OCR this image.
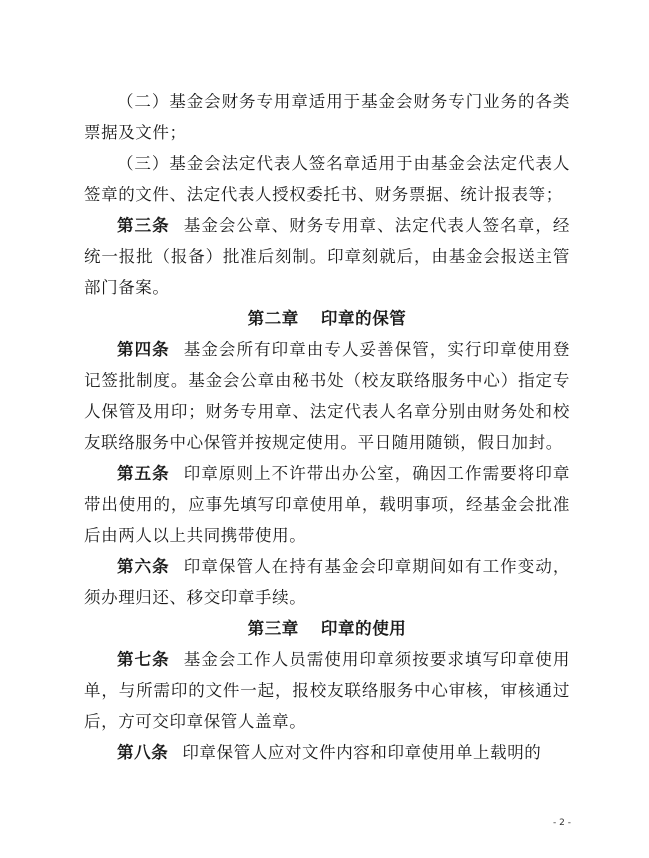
（二）基金会财务专用章适用于基金会财务专门业务的各类票据及文件；

（三）基金会法定代表人签名章适用于由基金会法定代表人签章的文件、法定代表人授权委托书、财务票据、统计报表等；

第三条 基金会公章、财务专用章、法定代表人签名章，经统一报批（报备）批准后刻制。印章刻就后，由基金会报送主管部门备案。

第二章 印章的保管

第四条 基金会所有印章由专人妥善保管，实行印章使用登记签批制度。基金会公章由秘书处（校友联络服务中心）指定专人保管及用印；财务专用章、法定代表人名章分别由财务处和校友联络服务中心保管并按规定使用。平日随用随锁，假日加封。

第五条 印章原则上不许带出办公室，确因工作需要将印章带出使用的，应事先填写印章使用单，载明事项，经基金会批准后由两人以上共同携带使用。

第六条 印章保管人在持有基金会印章期间如有工作变动，须办理归还、移交印章手续。

第三章 印章的使用

第七条 基金会工作人员需使用印章须按要求填写印章使用单，与所需印的文件一起，报校友联络服务中心审核，审核通过后，方可交印章保管人盖章。

第八条 印章保管人应对文件内容和印章使用单上载明的

- 2 -
